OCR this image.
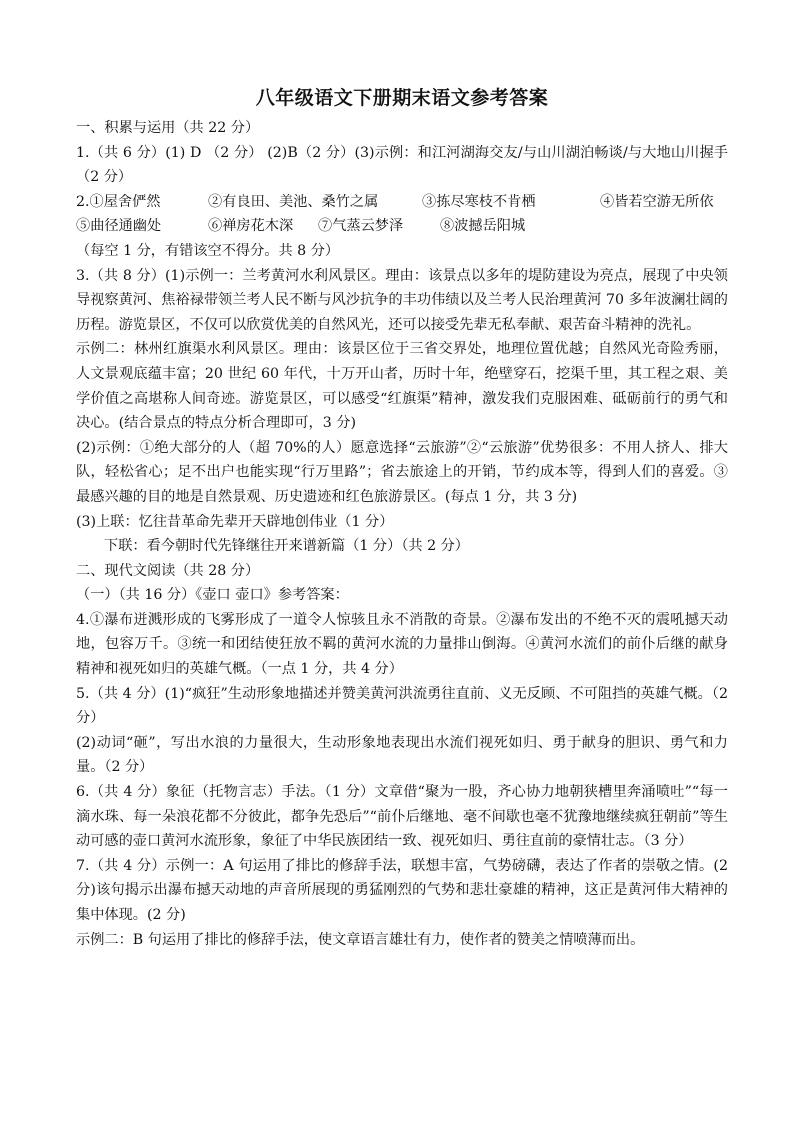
八年级语文下册期末语文参考答案
一、积累与运用（共 22 分）
1.（共 6 分）(1) D （2 分） (2)B（2 分）(3)示例：和江河湖海交友/与山川湖泊畅谈/与大地山川握手（2 分）
2.①屋舍俨然	②有良田、美池、桑竹之属	③拣尽寒枝不肯栖	④皆若空游无所依
⑤曲径通幽处	⑥禅房花木深	⑦气蒸云梦泽	⑧波撼岳阳城
（每空 1 分，有错该空不得分。共 8 分）
3.（共 8 分）(1)示例一：兰考黄河水利风景区。理由：该景点以多年的堤防建设为亮点，展现了中央领导视察黄河、焦裕禄带领兰考人民不断与风沙抗争的丰功伟绩以及兰考人民治理黄河 70 多年波澜壮阔的历程。游览景区，不仅可以欣赏优美的自然风光，还可以接受先辈无私奉献、艰苦奋斗精神的洗礼。
示例二：林州红旗渠水利风景区。理由：该景区位于三省交界处，地理位置优越；自然风光奇险秀丽，人文景观底蕴丰富；20 世纪 60 年代，十万开山者，历时十年，绝壁穿石，挖渠千里，其工程之艰、美学价值之高堪称人间奇迹。游览景区，可以感受“红旗渠”精神，激发我们克服困难、砥砺前行的勇气和决心。(结合景点的特点分析合理即可，3 分)
(2)示例：①绝大部分的人（超 70%的人）愿意选择“云旅游”②“云旅游”优势很多：不用人挤人、排大队，轻松省心；足不出户也能实现“行万里路”；省去旅途上的开销，节约成本等，得到人们的喜爱。③最感兴趣的目的地是自然景观、历史遗迹和红色旅游景区。(每点 1 分，共 3 分)
(3)上联：忆往昔革命先辈开天辟地创伟业（1 分）
下联：看今朝时代先锋继往开来谱新篇（1 分）（共 2 分）
二、现代文阅读（共 28 分）
（一）（共 16 分）《壶口 壶口》参考答案：
4.①瀑布迸溅形成的飞雾形成了一道令人惊骇且永不消散的奇景。②瀑布发出的不绝不灭的震吼撼天动地，包容万千。③统一和团结使狂放不羁的黄河水流的力量排山倒海。④黄河水流们的前仆后继的献身精神和视死如归的英雄气概。（一点 1 分，共 4 分）
5.（共 4 分）(1)“疯狂”生动形象地描述并赞美黄河洪流勇往直前、义无反顾、不可阻挡的英雄气概。（2 分）
(2)动词“砸”，写出水浪的力量很大，生动形象地表现出水流们视死如归、勇于献身的胆识、勇气和力量。（2 分）
6.（共 4 分）象征（托物言志）手法。（1 分）文章借“聚为一股，齐心协力地朝狭槽里奔涌喷吐”“每一滴水珠、每一朵浪花都不分彼此，都争先恐后”“前仆后继地、毫不间歇也毫不犹豫地继续疯狂朝前”等生动可感的壶口黄河水流形象，象征了中华民族团结一致、视死如归、勇往直前的豪情壮志。（3 分）
7.（共 4 分）示例一：A 句运用了排比的修辞手法，联想丰富，气势磅礴，表达了作者的崇敬之情。(2 分)该句揭示出瀑布撼天动地的声音所展现的勇猛刚烈的气势和悲壮豪雄的精神，这正是黄河伟大精神的集中体现。(2 分)
示例二：B 句运用了排比的修辞手法，使文章语言雄壮有力，使作者的赞美之情喷薄而出。
